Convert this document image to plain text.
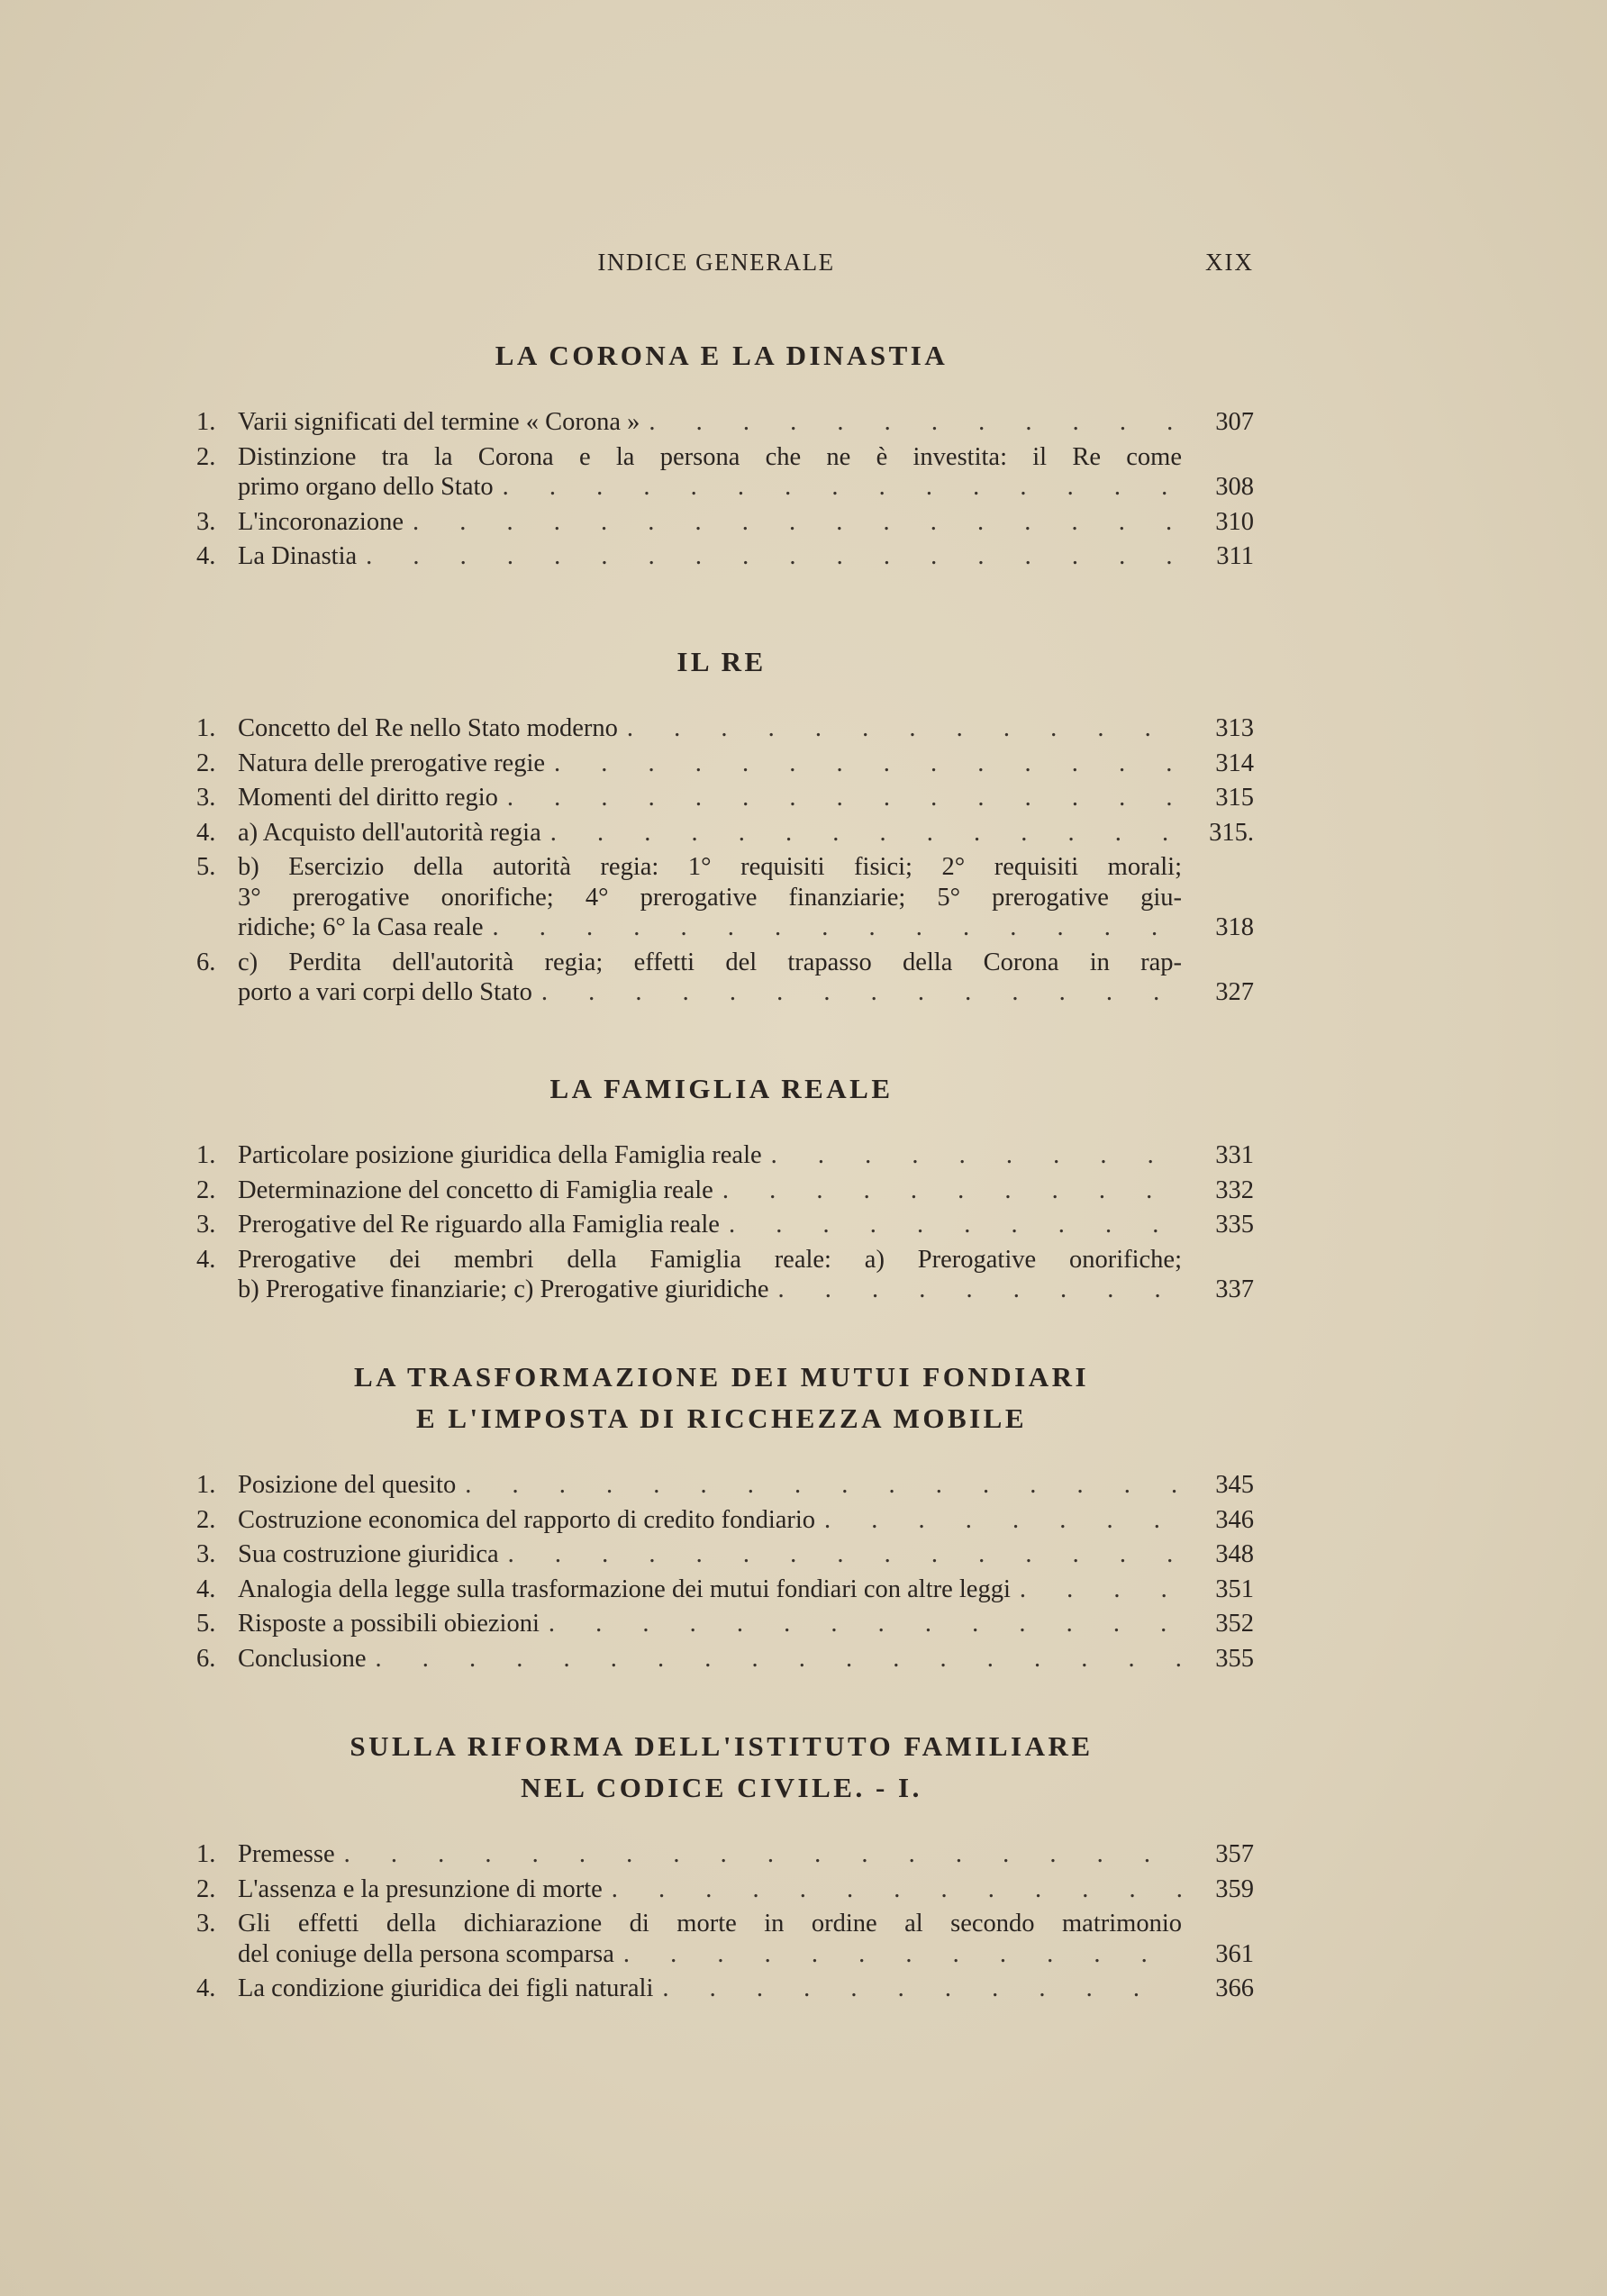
INDICE GENERALE	XIX
LA CORONA E LA DINASTIA
1. Varii significati del termine « Corona » . . .	307
2. Distinzione tra la Corona e la persona che ne è investita: il Re come
primo organo dello Stato . . .	308
3. L'incoronazione . . .	310
4. La Dinastia . . .	311
IL RE
1. Concetto del Re nello Stato moderno . . .	313
2. Natura delle prerogative regie . . .	314
3. Momenti del diritto regio . . .	315
4. a) Acquisto dell'autorità regia . . .	315.
5. b) Esercizio della autorità regia: 1° requisiti fisici; 2° requisiti morali;
3° prerogative onorifiche; 4° prerogative finanziarie; 5° prerogative giu-
ridiche; 6° la Casa reale . . .	318
6. c) Perdita dell'autorità regia; effetti del trapasso della Corona in rap-
porto a vari corpi dello Stato . . .	327
LA FAMIGLIA REALE
1. Particolare posizione giuridica della Famiglia reale . . .	331
2. Determinazione del concetto di Famiglia reale . . .	332
3. Prerogative del Re riguardo alla Famiglia reale . . .	335
4. Prerogative dei membri della Famiglia reale: a) Prerogative onorifiche;
b) Prerogative finanziarie; c) Prerogative giuridiche . . .	337
LA TRASFORMAZIONE DEI MUTUI FONDIARI
E L'IMPOSTA DI RICCHEZZA MOBILE
1. Posizione del quesito . . .	345
2. Costruzione economica del rapporto di credito fondiario . . .	346
3. Sua costruzione giuridica . . .	348
4. Analogia della legge sulla trasformazione dei mutui fondiari con altre leggi . . .	351
5. Risposte a possibili obiezioni . . .	352
6. Conclusione . . .	355
SULLA RIFORMA DELL'ISTITUTO FAMILIARE
NEL CODICE CIVILE. - I.
1. Premesse . . .	357
2. L'assenza e la presunzione di morte . . .	359
3. Gli effetti della dichiarazione di morte in ordine al secondo matrimonio
del coniuge della persona scomparsa . . .	361
4. La condizione giuridica dei figli naturali . . .	366
